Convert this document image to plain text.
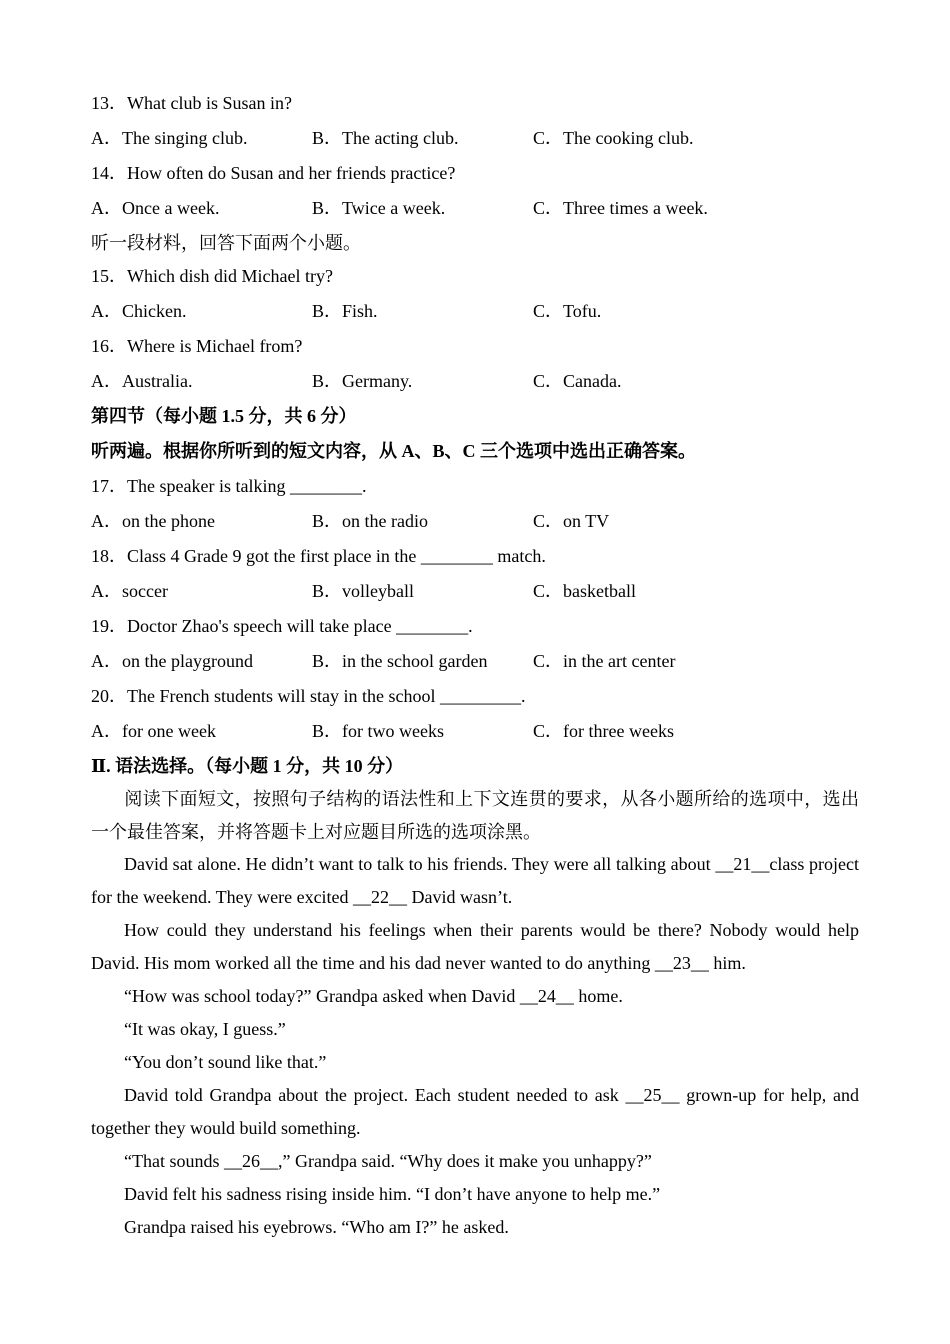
13．What club is Susan in?
A．The singing club.	B．The acting club.	C．The cooking club.
14．How often do Susan and her friends practice?
A．Once a week.	B．Twice a week.	C．Three times a week.
听一段材料，回答下面两个小题。
15．Which dish did Michael try?
A．Chicken.	B．Fish.	C．Tofu.
16．Where is Michael from?
A．Australia.	B．Germany.	C．Canada.
第四节（每小题 1.5 分，共 6 分）
听两遍。根据你所听到的短文内容，从 A、B、C 三个选项中选出正确答案。
17．The speaker is talking ________.
A．on the phone	B．on the radio	C．on TV
18．Class 4 Grade 9 got the first place in the ________ match.
A．soccer	B．volleyball	C．basketball
19．Doctor Zhao's speech will take place ________.
A．on the playground	B．in the school garden	C．in the art center
20．The French students will stay in the school _________.
A．for one week	B．for two weeks	C．for three weeks
Ⅱ. 语法选择。（每小题 1 分，共 10 分）
阅读下面短文，按照句子结构的语法性和上下文连贯的要求，从各小题所给的选项中，选出一个最佳答案，并将答题卡上对应题目所选的选项涂黑。
David sat alone. He didn’t want to talk to his friends. They were all talking about __21__class project for the weekend. They were excited __22__ David wasn’t.
How could they understand his feelings when their parents would be there? Nobody would help David. His mom worked all the time and his dad never wanted to do anything __23__ him.
“How was school today?” Grandpa asked when David __24__ home.
“It was okay, I guess.”
“You don’t sound like that.”
David told Grandpa about the project. Each student needed to ask __25__ grown-up for help, and together they would build something.
“That sounds __26__,” Grandpa said. “Why does it make you unhappy?”
David felt his sadness rising inside him. “I don’t have anyone to help me.”
Grandpa raised his eyebrows. “Who am I?” he asked.
